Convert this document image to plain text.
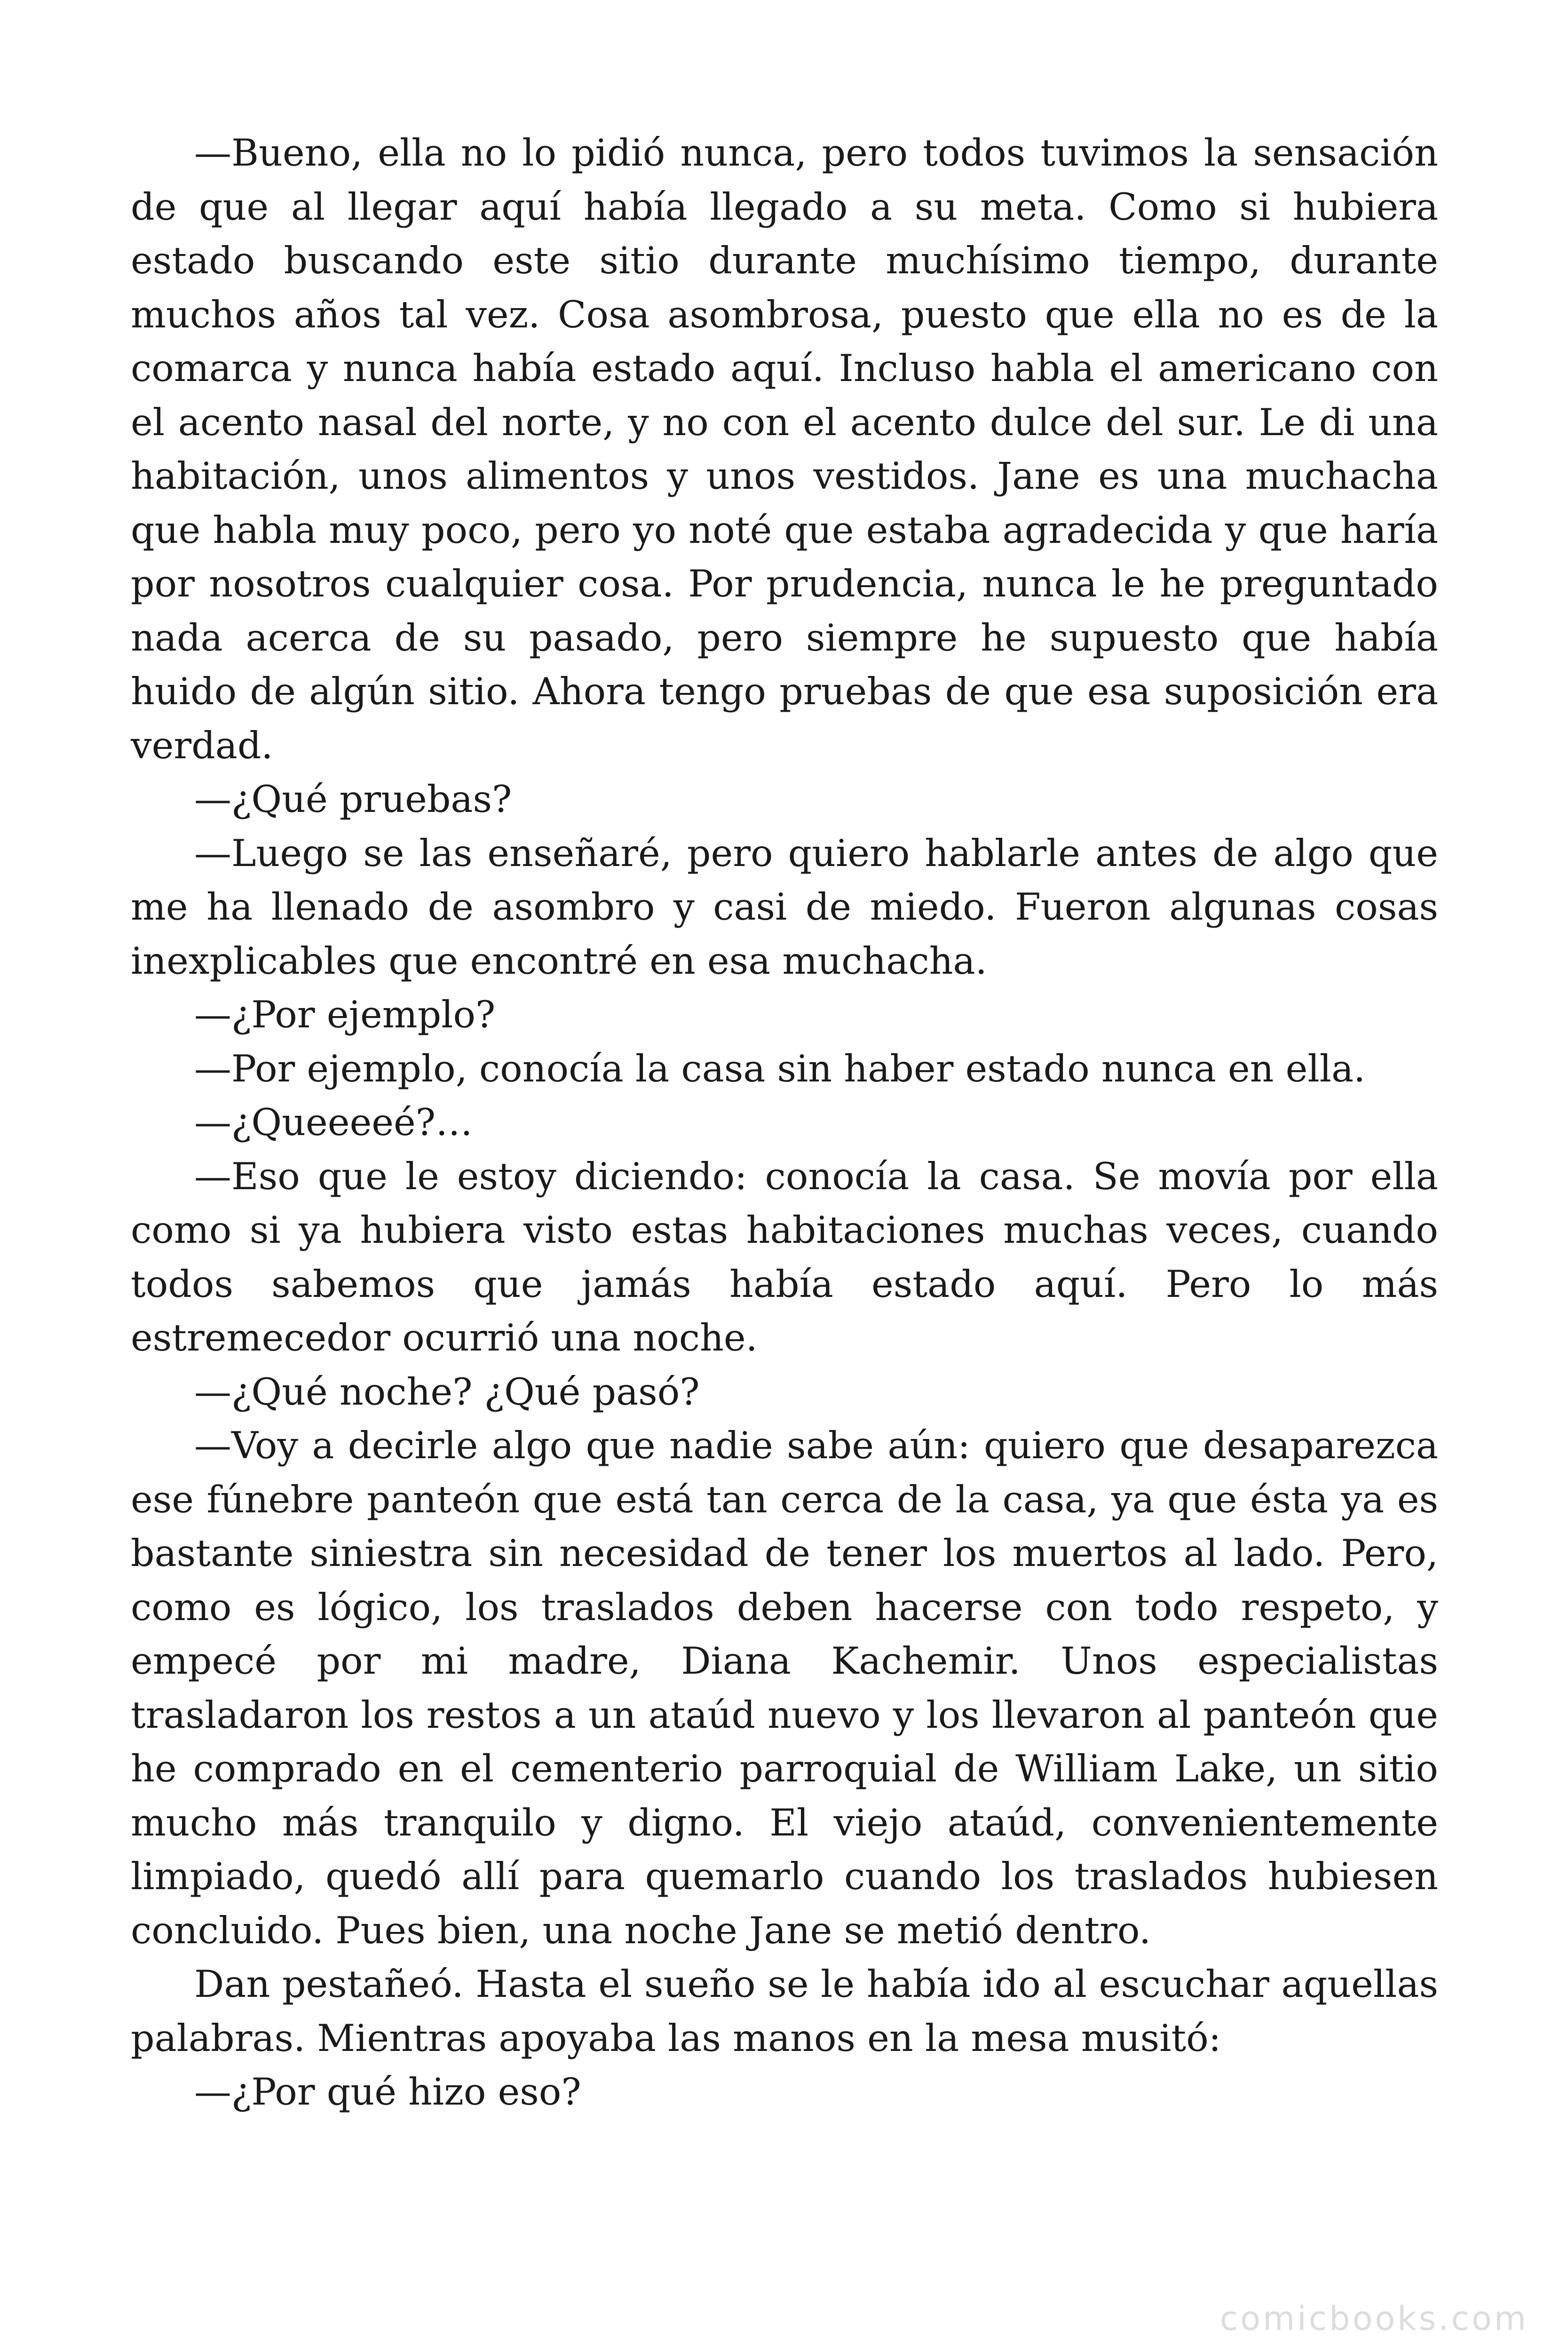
—Bueno, ella no lo pidió nunca, pero todos tuvimos la sensación de que al llegar aquí había llegado a su meta. Como si hubiera estado buscando este sitio durante muchísimo tiempo, durante muchos años tal vez. Cosa asombrosa, puesto que ella no es de la comarca y nunca había estado aquí. Incluso habla el americano con el acento nasal del norte, y no con el acento dulce del sur. Le di una habitación, unos alimentos y unos vestidos. Jane es una muchacha que habla muy poco, pero yo noté que estaba agradecida y que haría por nosotros cualquier cosa. Por prudencia, nunca le he preguntado nada acerca de su pasado, pero siempre he supuesto que había huido de algún sitio. Ahora tengo pruebas de que esa suposición era verdad.

—¿Qué pruebas?

—Luego se las enseñaré, pero quiero hablarle antes de algo que me ha llenado de asombro y casi de miedo. Fueron algunas cosas inexplicables que encontré en esa muchacha.

—¿Por ejemplo?

—Por ejemplo, conocía la casa sin haber estado nunca en ella.

—¿Queeeeé?…

—Eso que le estoy diciendo: conocía la casa. Se movía por ella como si ya hubiera visto estas habitaciones muchas veces, cuando todos sabemos que jamás había estado aquí. Pero lo más estremecedor ocurrió una noche.

—¿Qué noche? ¿Qué pasó?

—Voy a decirle algo que nadie sabe aún: quiero que desaparezca ese fúnebre panteón que está tan cerca de la casa, ya que ésta ya es bastante siniestra sin necesidad de tener los muertos al lado. Pero, como es lógico, los traslados deben hacerse con todo respeto, y empecé por mi madre, Diana Kachemir. Unos especialistas trasladaron los restos a un ataúd nuevo y los llevaron al panteón que he comprado en el cementerio parroquial de William Lake, un sitio mucho más tranquilo y digno. El viejo ataúd, convenientemente limpiado, quedó allí para quemarlo cuando los traslados hubiesen concluido. Pues bien, una noche Jane se metió dentro.

Dan pestañeó. Hasta el sueño se le había ido al escuchar aquellas palabras. Mientras apoyaba las manos en la mesa musitó:

—¿Por qué hizo eso?

comicbooks.com
